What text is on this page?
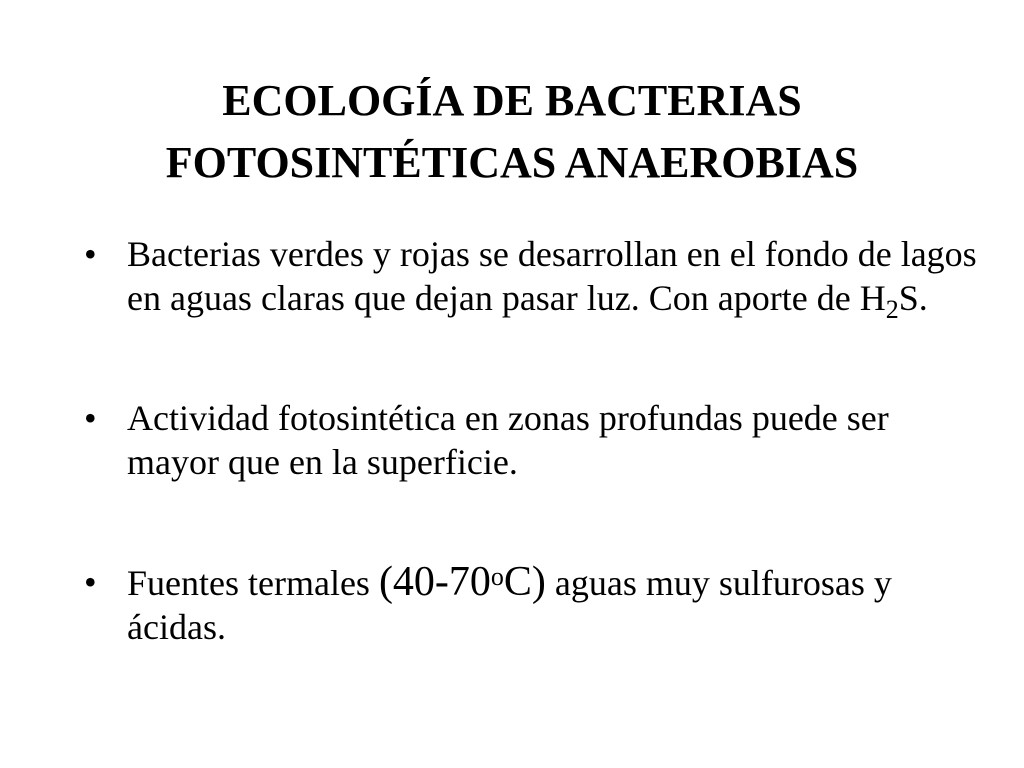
ECOLOGÍA DE BACTERIAS
FOTOSINTÉTICAS ANAEROBIAS
• Bacterias verdes y rojas se desarrollan en el fondo de lagos en aguas claras que dejan pasar luz. Con aporte de $H_2S$.
• Actividad fotosintética en zonas profundas puede ser mayor que en la superficie.
• Fuentes termales (40-70$^o$C) aguas muy sulfurosas y ácidas.
